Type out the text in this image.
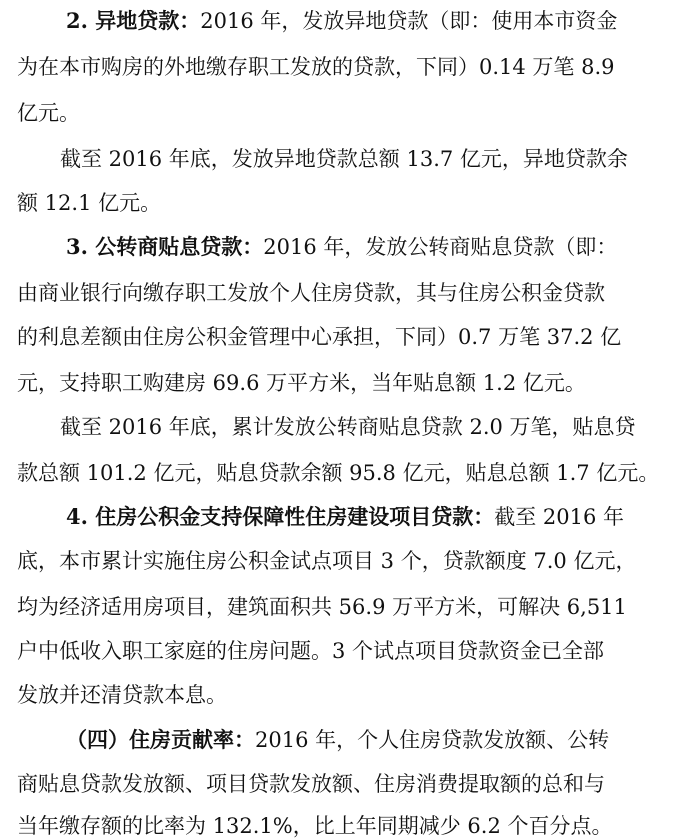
2. 异地贷款：2016 年，发放异地贷款（即：使用本市资金
为在本市购房的外地缴存职工发放的贷款，下同）0.14 万笔 8.9
亿元。
截至 2016 年底，发放异地贷款总额 13.7 亿元，异地贷款余
额 12.1 亿元。
3. 公转商贴息贷款：2016 年，发放公转商贴息贷款（即：
由商业银行向缴存职工发放个人住房贷款，其与住房公积金贷款
的利息差额由住房公积金管理中心承担，下同）0.7 万笔 37.2 亿
元，支持职工购建房 69.6 万平方米，当年贴息额 1.2 亿元。
截至 2016 年底，累计发放公转商贴息贷款 2.0 万笔，贴息贷
款总额 101.2 亿元，贴息贷款余额 95.8 亿元，贴息总额 1.7 亿元。
4. 住房公积金支持保障性住房建设项目贷款：截至 2016 年
底，本市累计实施住房公积金试点项目 3 个，贷款额度 7.0 亿元，
均为经济适用房项目，建筑面积共 56.9 万平方米，可解决 6,511
户中低收入职工家庭的住房问题。3 个试点项目贷款资金已全部
发放并还清贷款本息。
（四）住房贡献率：2016 年，个人住房贷款发放额、公转
商贴息贷款发放额、项目贷款发放额、住房消费提取额的总和与
当年缴存额的比率为 132.1%，比上年同期减少 6.2 个百分点。
